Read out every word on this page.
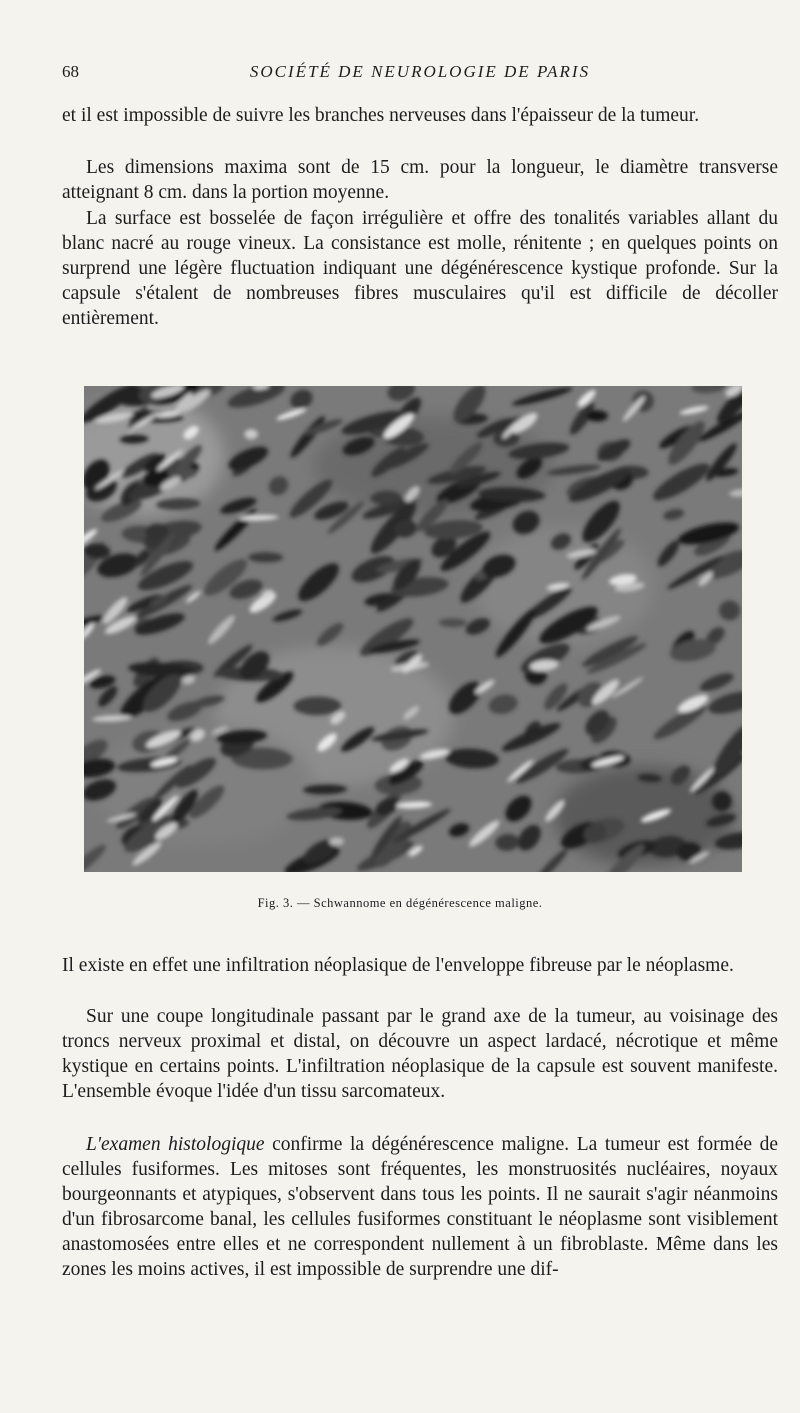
68	SOCIÉTÉ DE NEUROLOGIE DE PARIS

et il est impossible de suivre les branches nerveuses dans l'épaisseur de la tumeur.

Les dimensions maxima sont de 15 cm. pour la longueur, le diamètre transverse atteignant 8 cm. dans la portion moyenne.

La surface est bosselée de façon irrégulière et offre des tonalités variables allant du blanc nacré au rouge vineux. La consistance est molle, rénitente ; en quelques points on surprend une légère fluctuation indiquant une dégénérescence kystique profonde. Sur la capsule s'étalent de nombreuses fibres musculaires qu'il est difficile de décoller entièrement.

Fig. 3. — Schwannome en dégénérescence maligne.

Il existe en effet une infiltration néoplasique de l'enveloppe fibreuse par le néoplasme.

Sur une coupe longitudinale passant par le grand axe de la tumeur, au voisinage des troncs nerveux proximal et distal, on découvre un aspect lardacé, nécrotique et même kystique en certains points. L'infiltration néoplasique de la capsule est souvent manifeste. L'ensemble évoque l'idée d'un tissu sarcomateux.

L'examen histologique confirme la dégénérescence maligne. La tumeur est formée de cellules fusiformes. Les mitoses sont fréquentes, les monstruosités nucléaires, noyaux bourgeonnants et atypiques, s'observent dans tous les points. Il ne saurait s'agir néanmoins d'un fibrosarcome banal, les cellules fusiformes constituant le néoplasme sont visiblement anastomosées entre elles et ne correspondent nullement à un fibroblaste. Même dans les zones les moins actives, il est impossible de surprendre une dif-
